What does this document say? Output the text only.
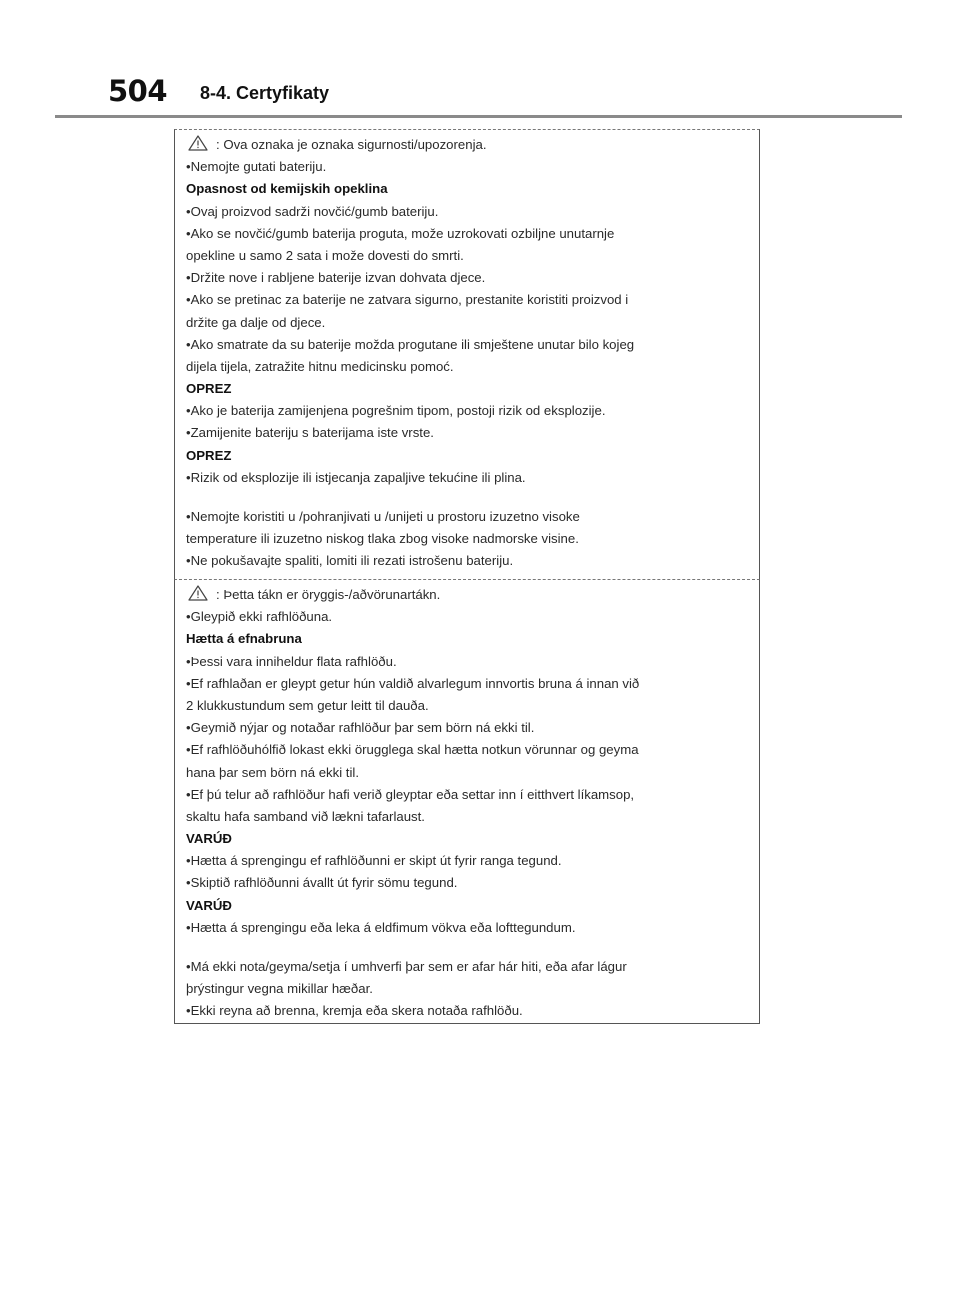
504 8-4. Certyfikaty
: Ova oznaka je oznaka sigurnosti/upozorenja.
•Nemojte gutati bateriju.
Opasnost od kemijskih opeklina
•Ovaj proizvod sadrži novčić/gumb bateriju.
•Ako se novčić/gumb baterija proguta, može uzrokovati ozbiljne unutarnje
opekline u samo 2 sata i može dovesti do smrti.
•Držite nove i rabljene baterije izvan dohvata djece.
•Ako se pretinac za baterije ne zatvara sigurno, prestanite koristiti proizvod i
držite ga dalje od djece.
•Ako smatrate da su baterije možda progutane ili smještene unutar bilo kojeg
dijela tijela, zatražite hitnu medicinsku pomoć.
OPREZ
•Ako je baterija zamijenjena pogrešnim tipom, postoji rizik od eksplozije.
•Zamijenite bateriju s baterijama iste vrste.
OPREZ
•Rizik od eksplozije ili istjecanja zapaljive tekućine ili plina.
•Nemojte koristiti u /pohranjivati u /unijeti u prostoru izuzetno visoke
temperature ili izuzetno niskog tlaka zbog visoke nadmorske visine.
•Ne pokušavajte spaliti, lomiti ili rezati istrošenu bateriju.
: Þetta tákn er öryggis-/aðvörunartákn.
•Gleypið ekki rafhlöðuna.
Hætta á efnabruna
•Þessi vara inniheldur flata rafhlöðu.
•Ef rafhlaðan er gleypt getur hún valdið alvarlegum innvortis bruna á innan við
2 klukkustundum sem getur leitt til dauða.
•Geymið nýjar og notaðar rafhlöður þar sem börn ná ekki til.
•Ef rafhlöðuhólfið lokast ekki örugglega skal hætta notkun vörunnar og geyma
hana þar sem börn ná ekki til.
•Ef þú telur að rafhlöður hafi verið gleyptar eða settar inn í eitthvert líkamsop,
skaltu hafa samband við lækni tafarlaust.
VARÚÐ
•Hætta á sprengingu ef rafhlöðunni er skipt út fyrir ranga tegund.
•Skiptið rafhlöðunni ávallt út fyrir sömu tegund.
VARÚÐ
•Hætta á sprengingu eða leka á eldfimum vökva eða lofttegundum.
•Má ekki nota/geyma/setja í umhverfi þar sem er afar hár hiti, eða afar lágur
þrýstingur vegna mikillar hæðar.
•Ekki reyna að brenna, kremja eða skera notaða rafhlöðu.
